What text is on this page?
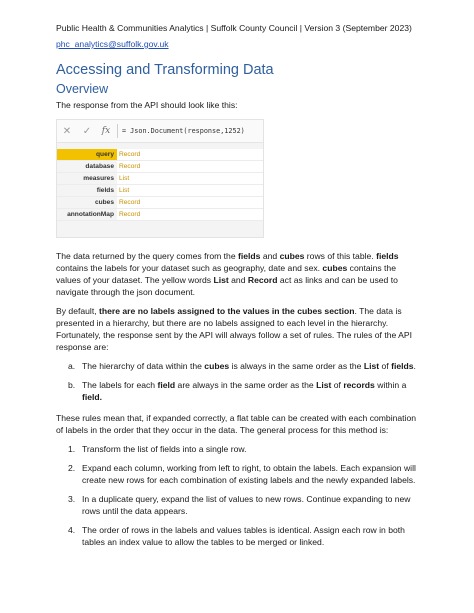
Public Health & Communities Analytics | Suffolk County Council | Version 3 (September 2023)
phc_analytics@suffolk.gov.uk
Accessing and Transforming Data
Overview

The response from the API should look like this:

✕	✓	fx	= Json.Document(response,1252)
query Record
database Record
measures List
fields List
cubes Record
annotationMap Record

The data returned by the query comes from the fields and cubes rows of this table. fields contains the labels for your dataset such as geography, date and sex. cubes contains the values of your dataset. The yellow words List and Record act as links and can be used to navigate through the json document.

By default, there are no labels assigned to the values in the cubes section. The data is presented in a hierarchy, but there are no labels assigned to each level in the hierarchy. Fortunately, the response sent by the API will always follow a set of rules. The rules of the API response are:

a. The hierarchy of data within the cubes is always in the same order as the List of fields.
b. The labels for each field are always in the same order as the List of records within a field.

These rules mean that, if expanded correctly, a flat table can be created with each combination of labels in the order that they occur in the data. The general process for this method is:

1. Transform the list of fields into a single row.
2. Expand each column, working from left to right, to obtain the labels. Each expansion will create new rows for each combination of existing labels and the newly expanded labels.
3. In a duplicate query, expand the list of values to new rows. Continue expanding to new rows until the data appears.
4. The order of rows in the labels and values tables is identical. Assign each row in both tables an index value to allow the tables to be merged or linked.
